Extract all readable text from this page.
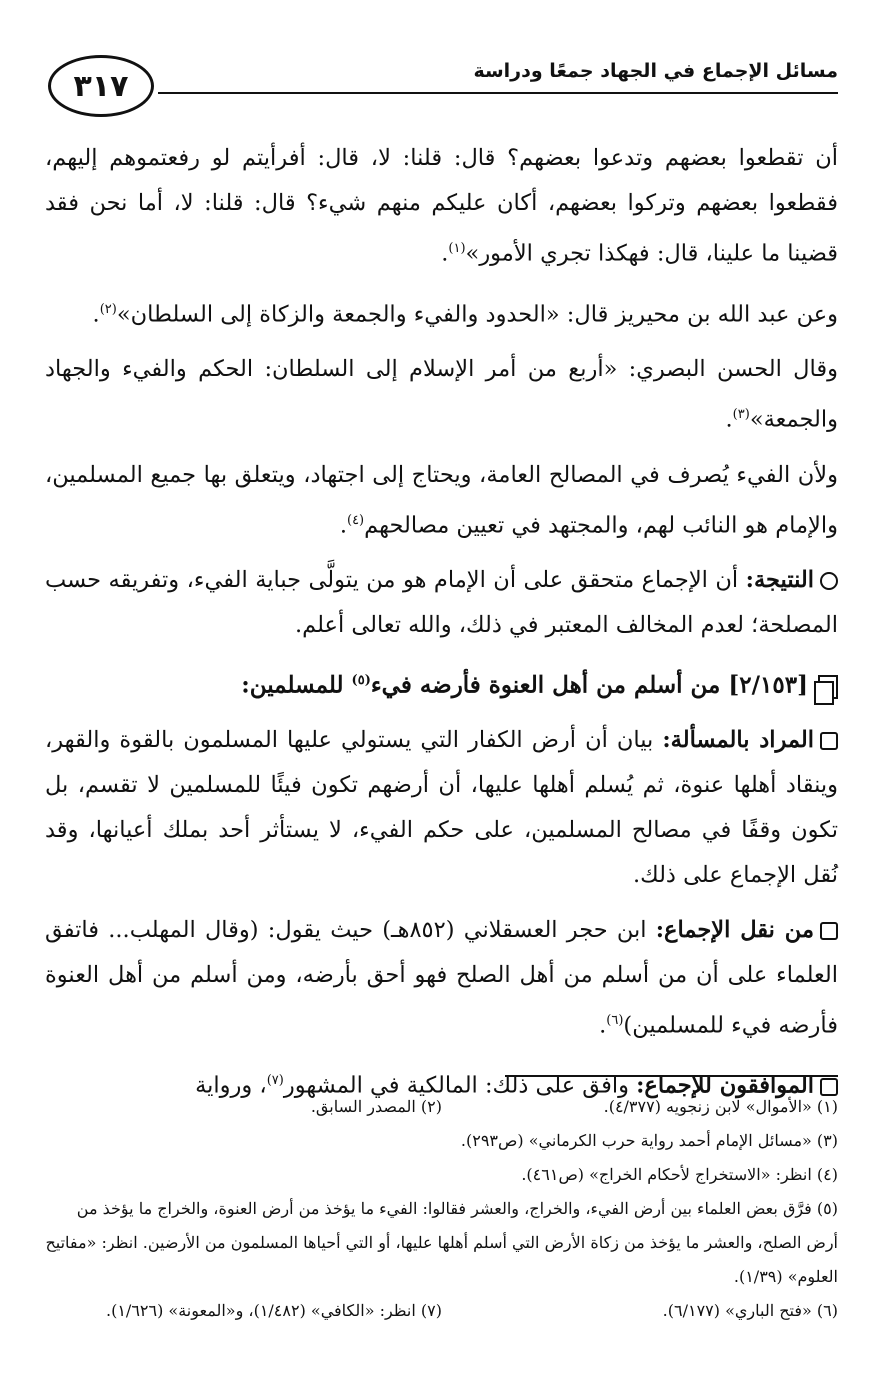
٣١٧	مسائل الإجماع في الجهاد جمعًا ودراسة

أن تقطعوا بعضهم وتدعوا بعضهم؟ قال: قلنا: لا، قال: أفرأيتم لو رفعتموهم إليهم، فقطعوا بعضهم وتركوا بعضهم، أكان عليكم منهم شيء؟ قال: قلنا: لا، أما نحن فقد قضينا ما علينا، قال: فهكذا تجري الأمور»$^{(١)}$.

وعن عبد الله بن محيريز قال: «الحدود والفيء والجمعة والزكاة إلى السلطان»$^{(٢)}$.

وقال الحسن البصري: «أربع من أمر الإسلام إلى السلطان: الحكم والفيء والجهاد والجمعة»$^{(٣)}$.

ولأن الفيء يُصرف في المصالح العامة، ويحتاج إلى اجتهاد، ويتعلق بها جميع المسلمين، والإمام هو النائب لهم، والمجتهد في تعيين مصالحهم$^{(٤)}$.

النتيجة: أن الإجماع متحقق على أن الإمام هو من يتولَّى جباية الفيء، وتفريقه حسب المصلحة؛ لعدم المخالف المعتبر في ذلك، والله تعالى أعلم.

[٢/١٥٣] من أسلم من أهل العنوة فأرضه فيء$^{(٥)}$ للمسلمين:

المراد بالمسألة: بيان أن أرض الكفار التي يستولي عليها المسلمون بالقوة والقهر، وينقاد أهلها عنوة، ثم يُسلم أهلها عليها، أن أرضهم تكون فيئًا للمسلمين لا تقسم، بل تكون وقفًا في مصالح المسلمين، على حكم الفيء، لا يستأثر أحد بملك أعيانها، وقد نُقل الإجماع على ذلك.

من نقل الإجماع: ابن حجر العسقلاني (٨٥٢هـ) حيث يقول: (وقال المهلب... فاتفق العلماء على أن من أسلم من أهل الصلح فهو أحق بأرضه، ومن أسلم من أهل العنوة فأرضه فيء للمسلمين)$^{(٦)}$.

الموافقون للإجماع: وافق على ذلك: المالكية في المشهور$^{(٧)}$، ورواية

(١) «الأموال» لابن زنجويه (٤/٣٧٧).
(٢) المصدر السابق.
(٣) «مسائل الإمام أحمد رواية حرب الكرماني» (ص٢٩٣).
(٤) انظر: «الاستخراج لأحكام الخراج» (ص٤٦١).
(٥) فرَّق بعض العلماء بين أرض الفيء، والخراج، والعشر فقالوا: الفيء ما يؤخذ من أرض العنوة، والخراج ما يؤخذ من أرض الصلح، والعشر ما يؤخذ من زكاة الأرض التي أسلم أهلها عليها، أو التي أحياها المسلمون من الأرضين. انظر: «مفاتيح العلوم» (١/٣٩).
(٦) «فتح الباري» (٦/١٧٧).
(٧) انظر: «الكافي» (١/٤٨٢)، و«المعونة» (١/٦٢٦).
